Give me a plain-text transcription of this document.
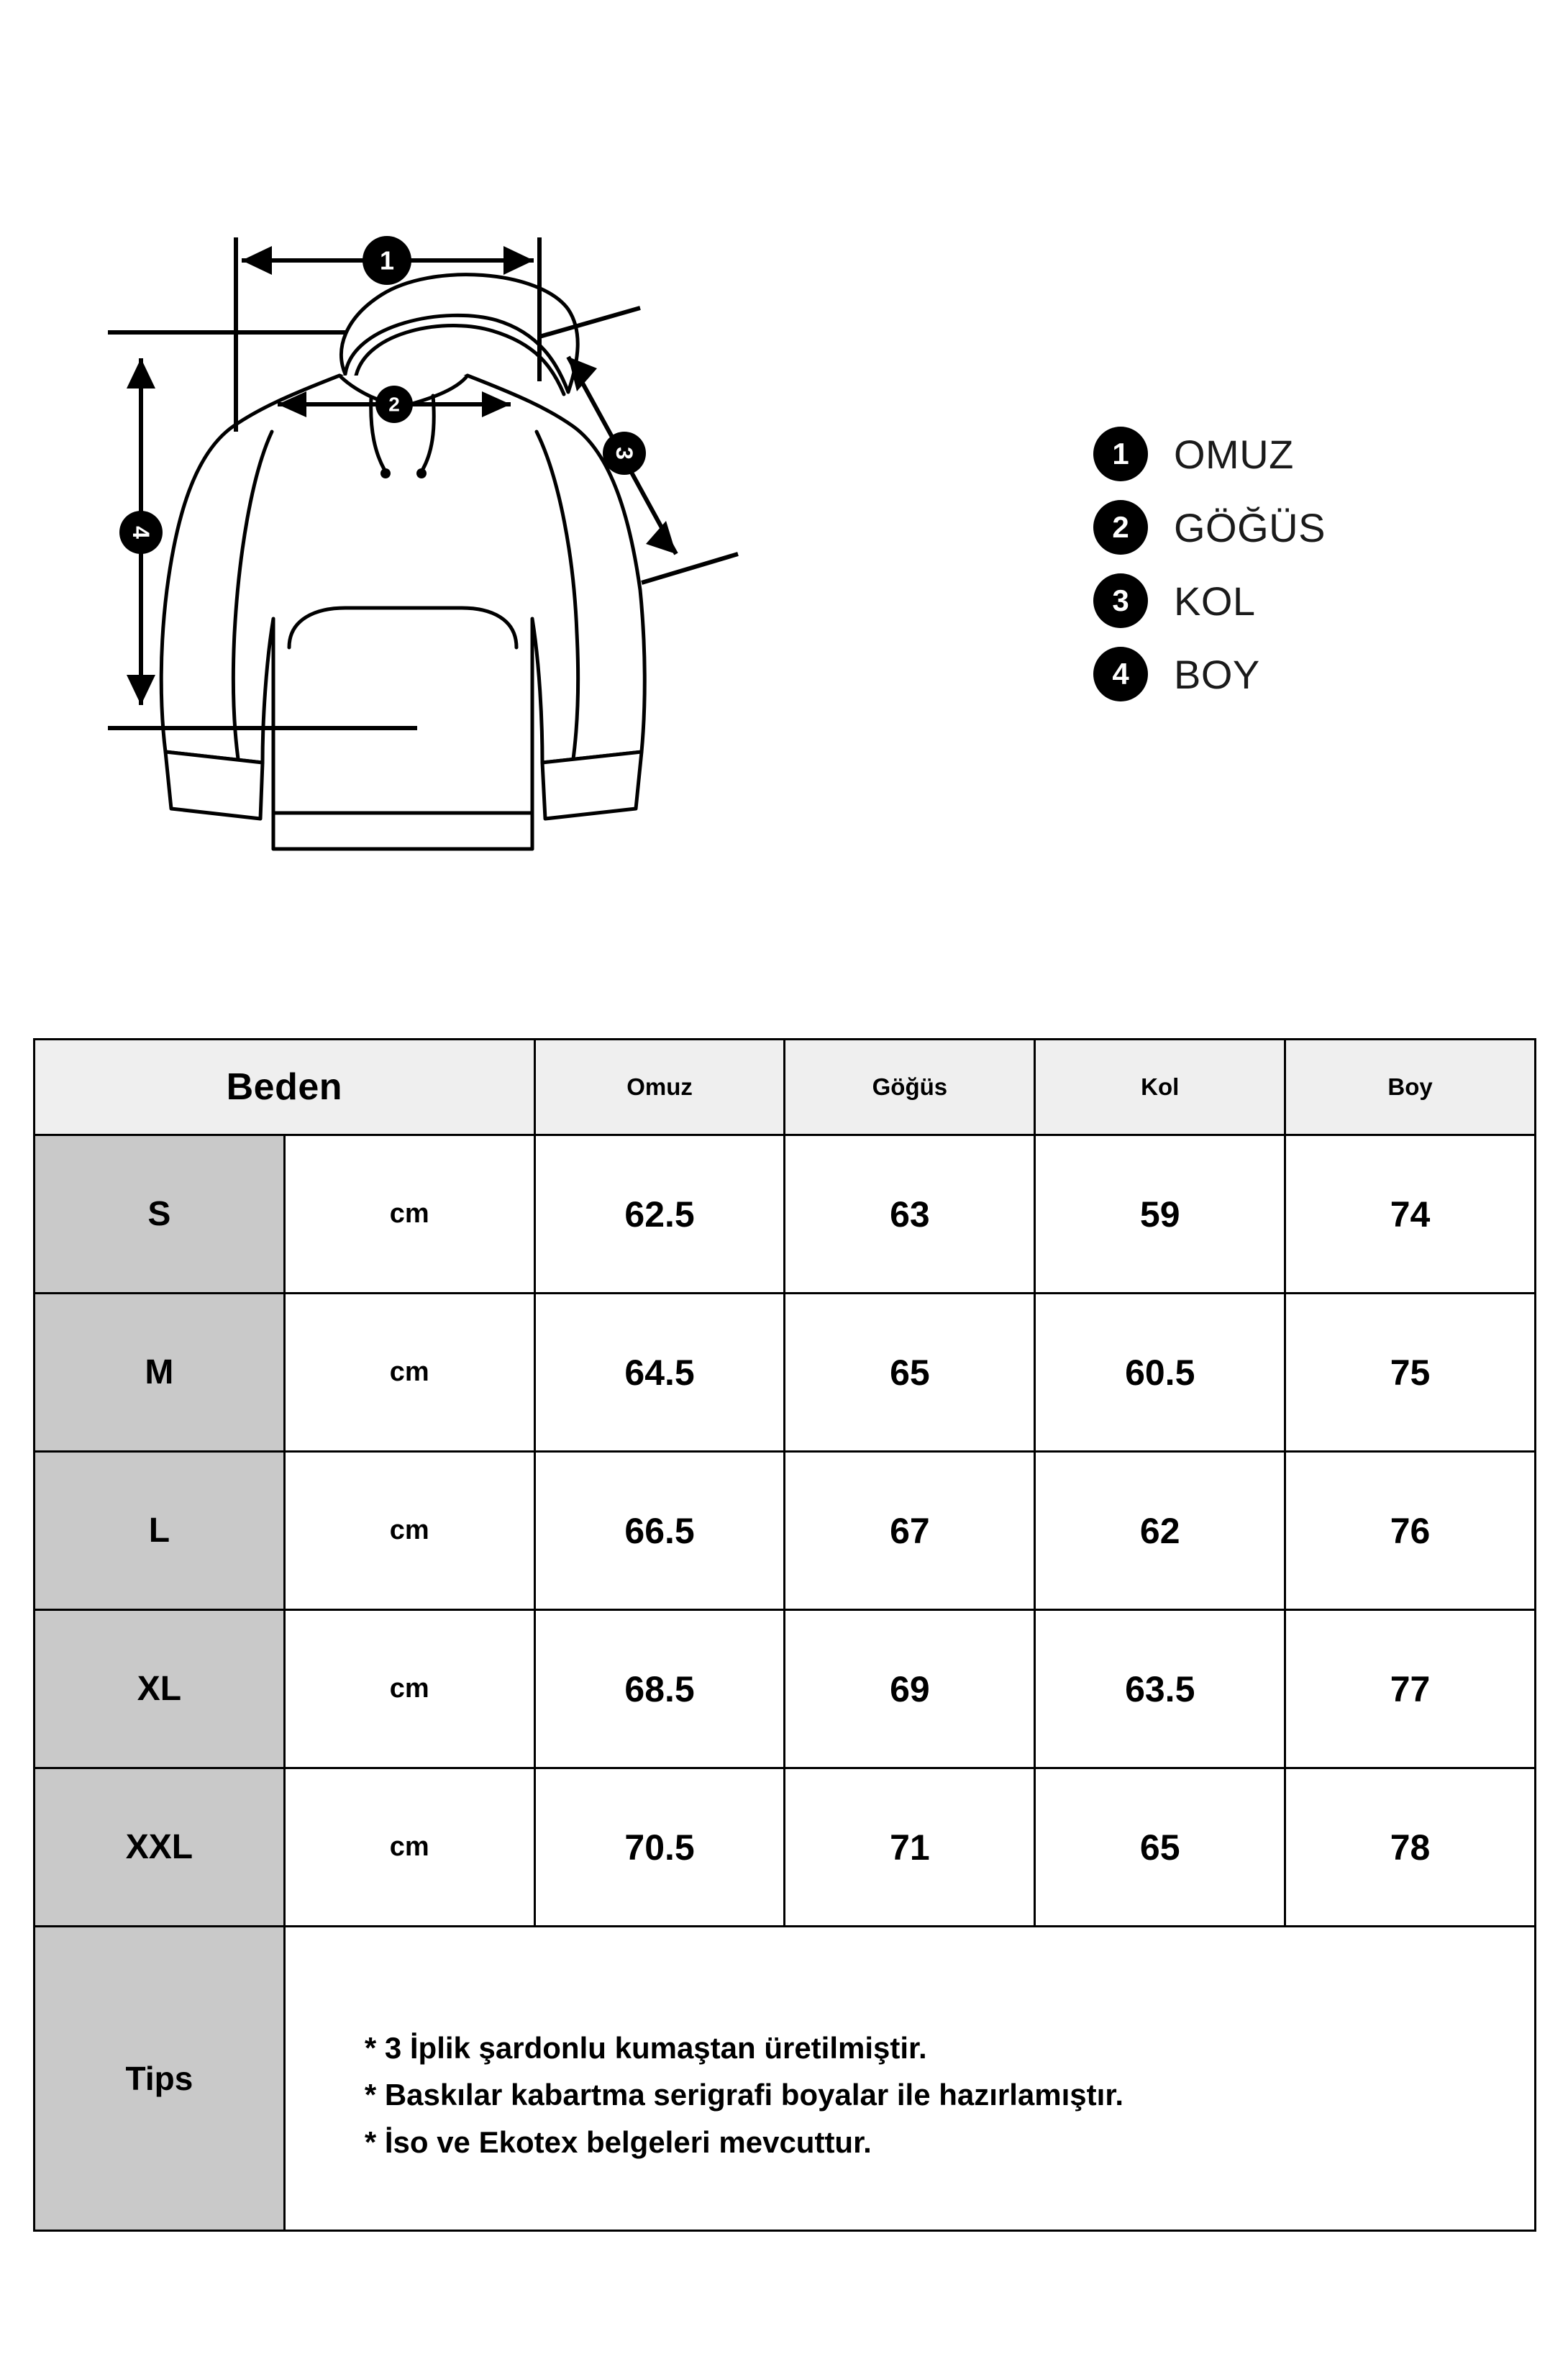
1
2
3
4
1	OMUZ
2	GÖĞÜS
3	KOL
4	BOY
Beden		Omuz	Göğüs	Kol	Boy
S	cm	62.5	63	59	74
M	cm	64.5	65	60.5	75
L	cm	66.5	67	62	76
XL	cm	68.5	69	63.5	77
XXL	cm	70.5	71	65	78
Tips	* 3 İplik şardonlu kumaştan üretilmiştir.
* Baskılar kabartma serigrafi boyalar ile hazırlamıştır.
* İso ve Ekotex belgeleri mevcuttur.				
